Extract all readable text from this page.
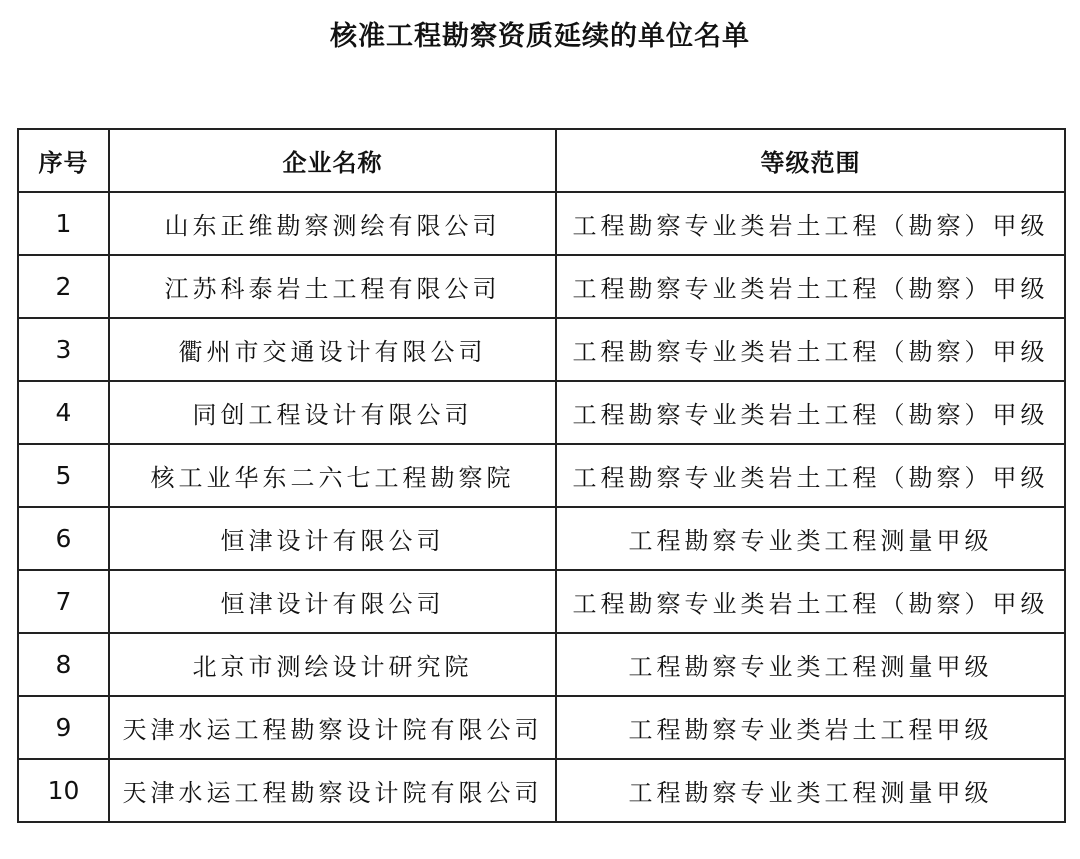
核准工程勘察资质延续的单位名单
序号	企业名称	等级范围
1	山东正维勘察测绘有限公司	工程勘察专业类岩土工程（勘察）甲级
2	江苏科泰岩土工程有限公司	工程勘察专业类岩土工程（勘察）甲级
3	衢州市交通设计有限公司	工程勘察专业类岩土工程（勘察）甲级
4	同创工程设计有限公司	工程勘察专业类岩土工程（勘察）甲级
5	核工业华东二六七工程勘察院	工程勘察专业类岩土工程（勘察）甲级
6	恒津设计有限公司	工程勘察专业类工程测量甲级
7	恒津设计有限公司	工程勘察专业类岩土工程（勘察）甲级
8	北京市测绘设计研究院	工程勘察专业类工程测量甲级
9	天津水运工程勘察设计院有限公司	工程勘察专业类岩土工程甲级
10	天津水运工程勘察设计院有限公司	工程勘察专业类工程测量甲级
